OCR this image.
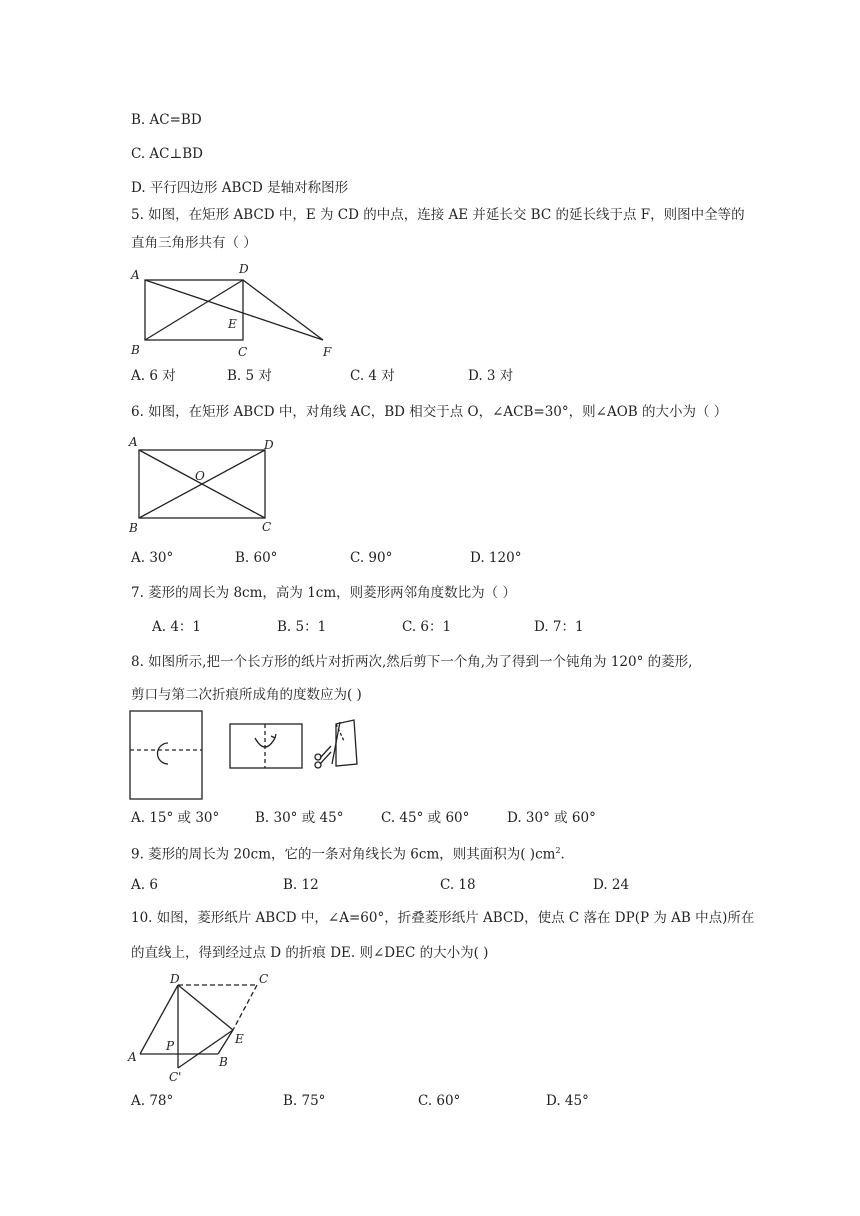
B. AC=BD
C. AC⊥BD
D. 平行四边形 ABCD 是轴对称图形
5. 如图，在矩形 ABCD 中，E 为 CD 的中点，连接 AE 并延长交 BC 的延长线于点 F，则图中全等的
直角三角形共有（ ）
A	D
E
B	C	F
A. 6 对	B. 5 对	C. 4 对	D. 3 对
6. 如图，在矩形 ABCD 中，对角线 AC，BD 相交于点 O，∠ACB=30°，则∠AOB 的大小为（ ）
A	D
O
B	C
A. 30°	B. 60°	C. 90°	D. 120°
7. 菱形的周长为 8cm，高为 1cm，则菱形两邻角度数比为（ ）
A. 4：1	B. 5：1	C. 6：1	D. 7：1
8. 如图所示,把一个长方形的纸片对折两次,然后剪下一个角,为了得到一个钝角为 120° 的菱形,
剪口与第二次折痕所成角的度数应为( )
A. 15° 或 30°	B. 30° 或 45°	C. 45° 或 60°	D. 30° 或 60°
9. 菱形的周长为 20cm，它的一条对角线长为 6cm，则其面积为( )$cm^2$.
A. 6	B. 12	C. 18	D. 24
10. 如图，菱形纸片 ABCD 中，∠A=60°，折叠菱形纸片 ABCD，使点 C 落在 DP(P 为 AB 中点)所在
的直线上，得到经过点 D 的折痕 DE. 则∠DEC 的大小为( )
D	C
P	E
A
C'
B
A. 78°	B. 75°	C. 60°	D. 45°
